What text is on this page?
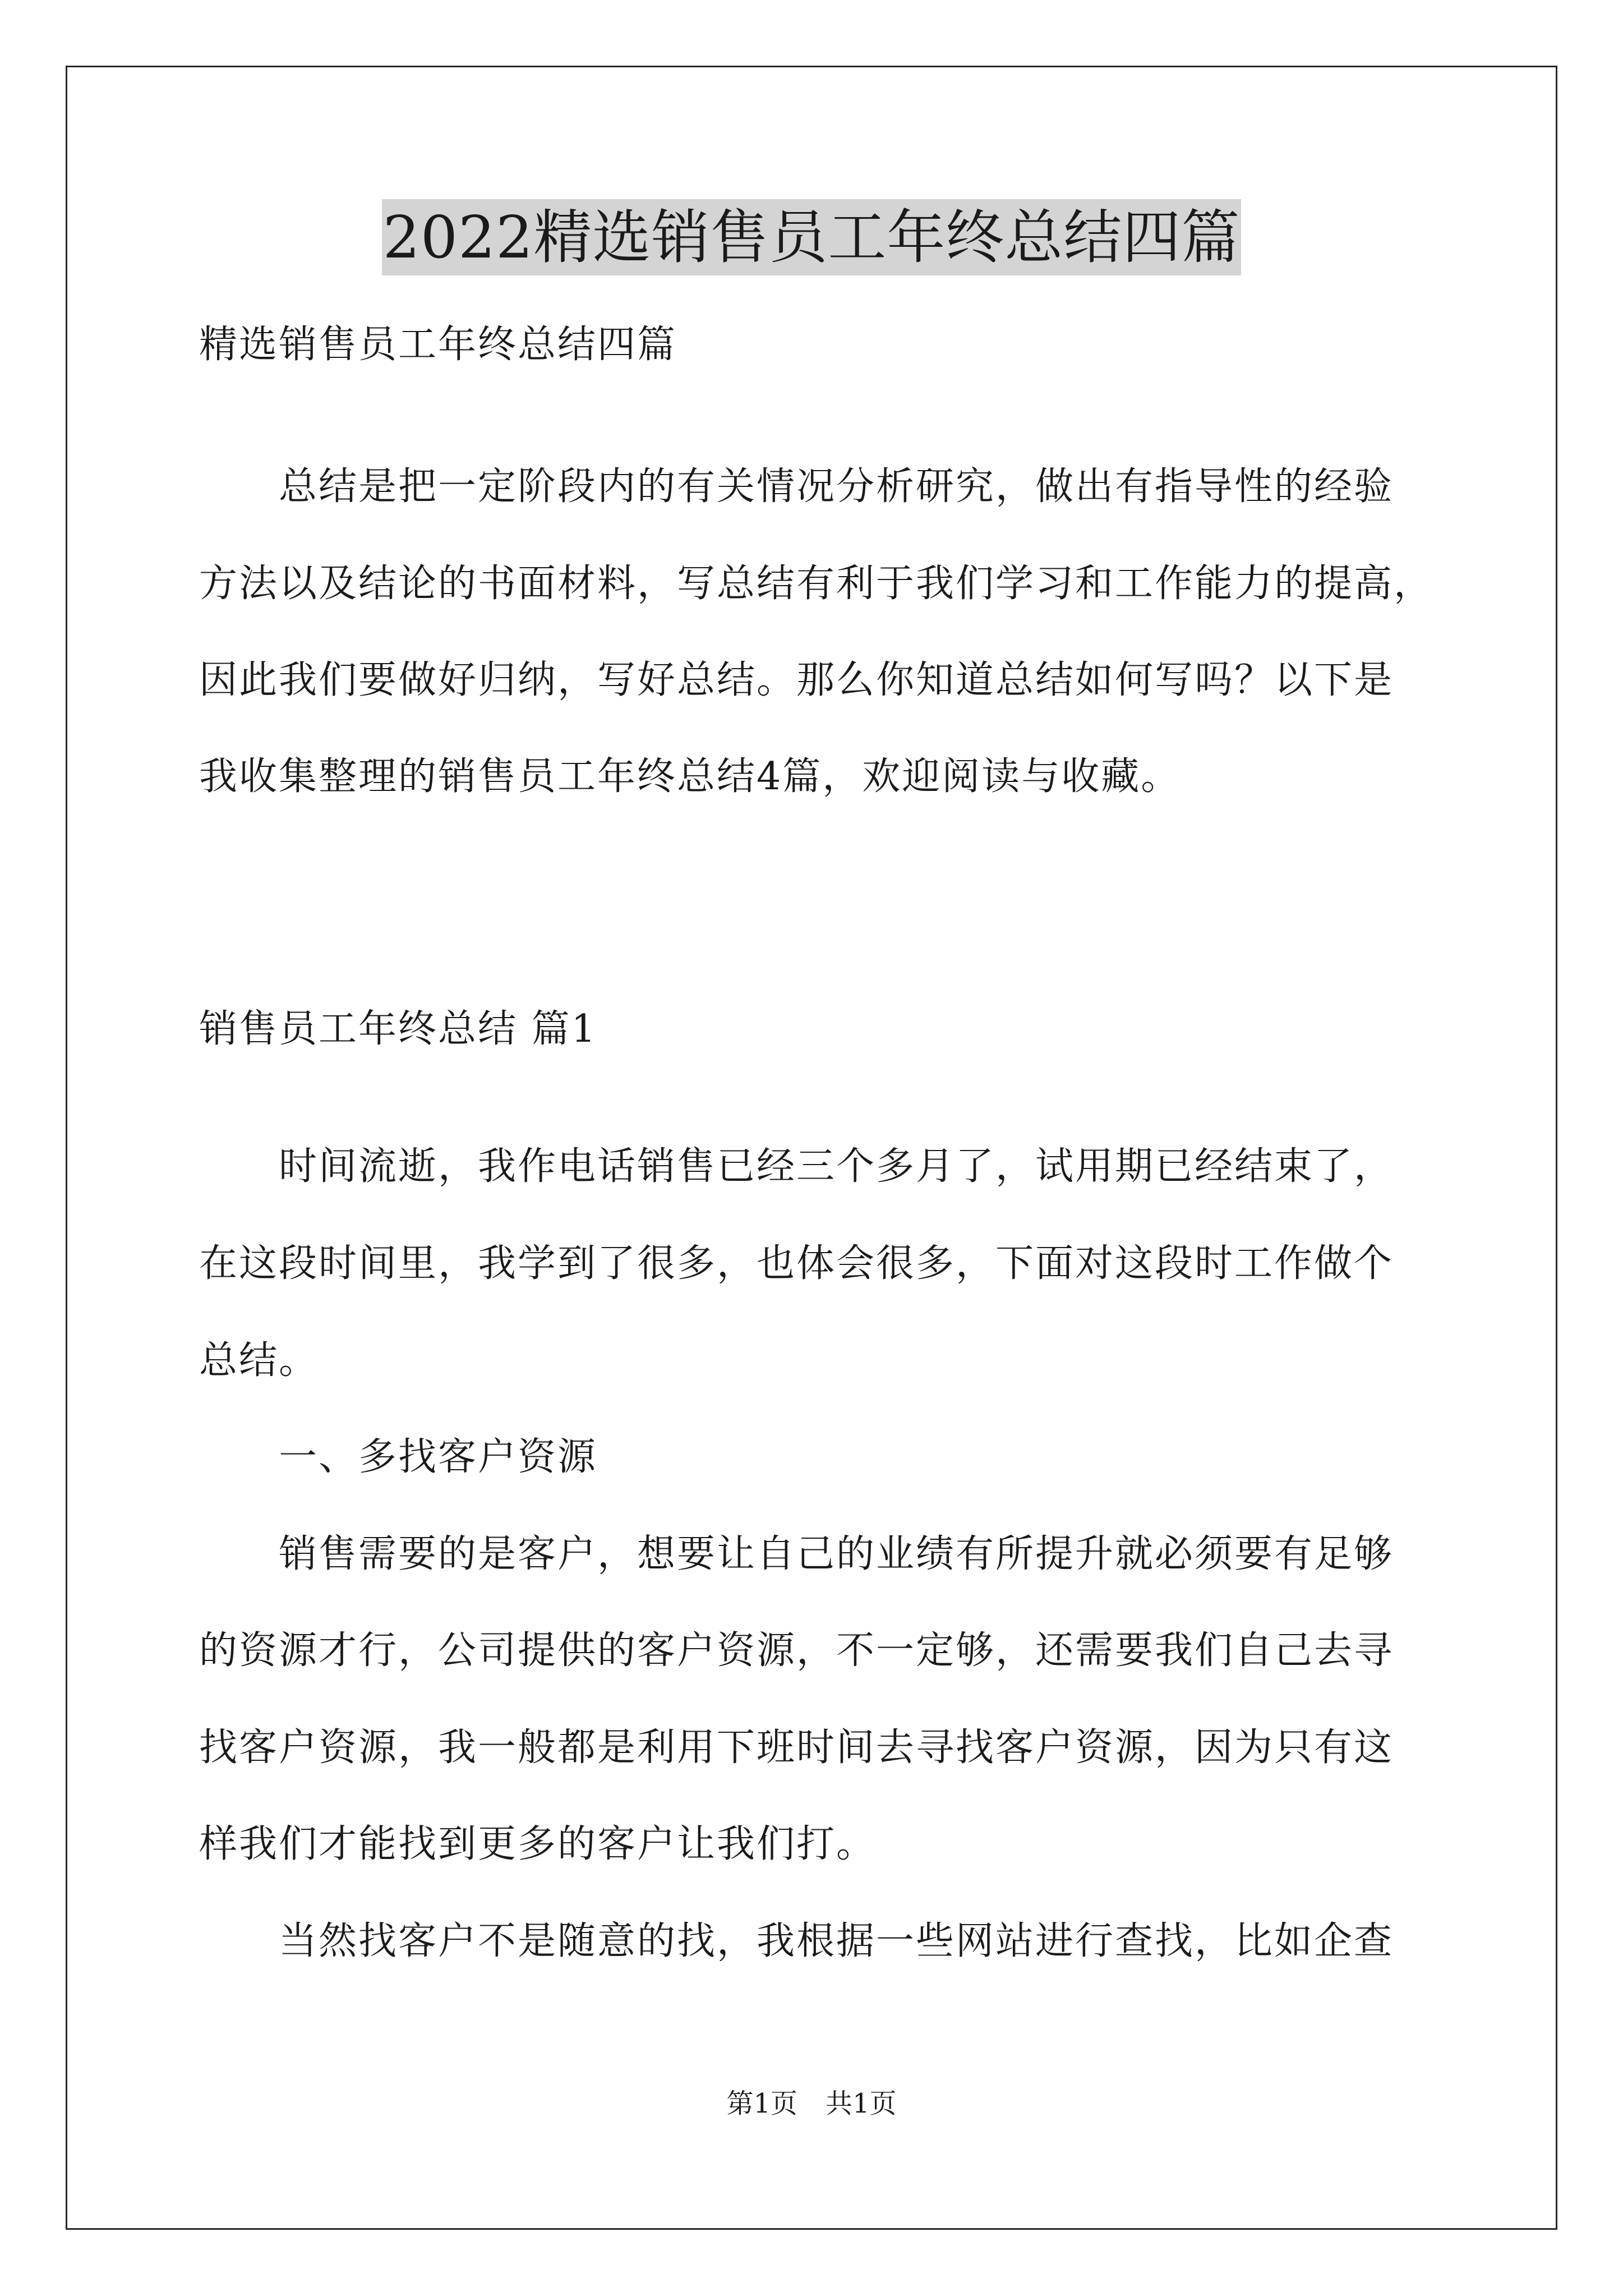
2022精选销售员工年终总结四篇

精选销售员工年终总结四篇

　　总结是把一定阶段内的有关情况分析研究，做出有指导性的经验

方法以及结论的书面材料，写总结有利于我们学习和工作能力的提高，

因此我们要做好归纳，写好总结。那么你知道总结如何写吗？以下是

我收集整理的销售员工年终总结4篇，欢迎阅读与收藏。

销售员工年终总结 篇1

　　时间流逝，我作电话销售已经三个多月了，试用期已经结束了，

在这段时间里，我学到了很多，也体会很多，下面对这段时工作做个

总结。

　　一、多找客户资源

　　销售需要的是客户，想要让自己的业绩有所提升就必须要有足够

的资源才行，公司提供的客户资源，不一定够，还需要我们自己去寻

找客户资源，我一般都是利用下班时间去寻找客户资源，因为只有这

样我们才能找到更多的客户让我们打。

　　当然找客户不是随意的找，我根据一些网站进行查找，比如企查

第1页 共1页
